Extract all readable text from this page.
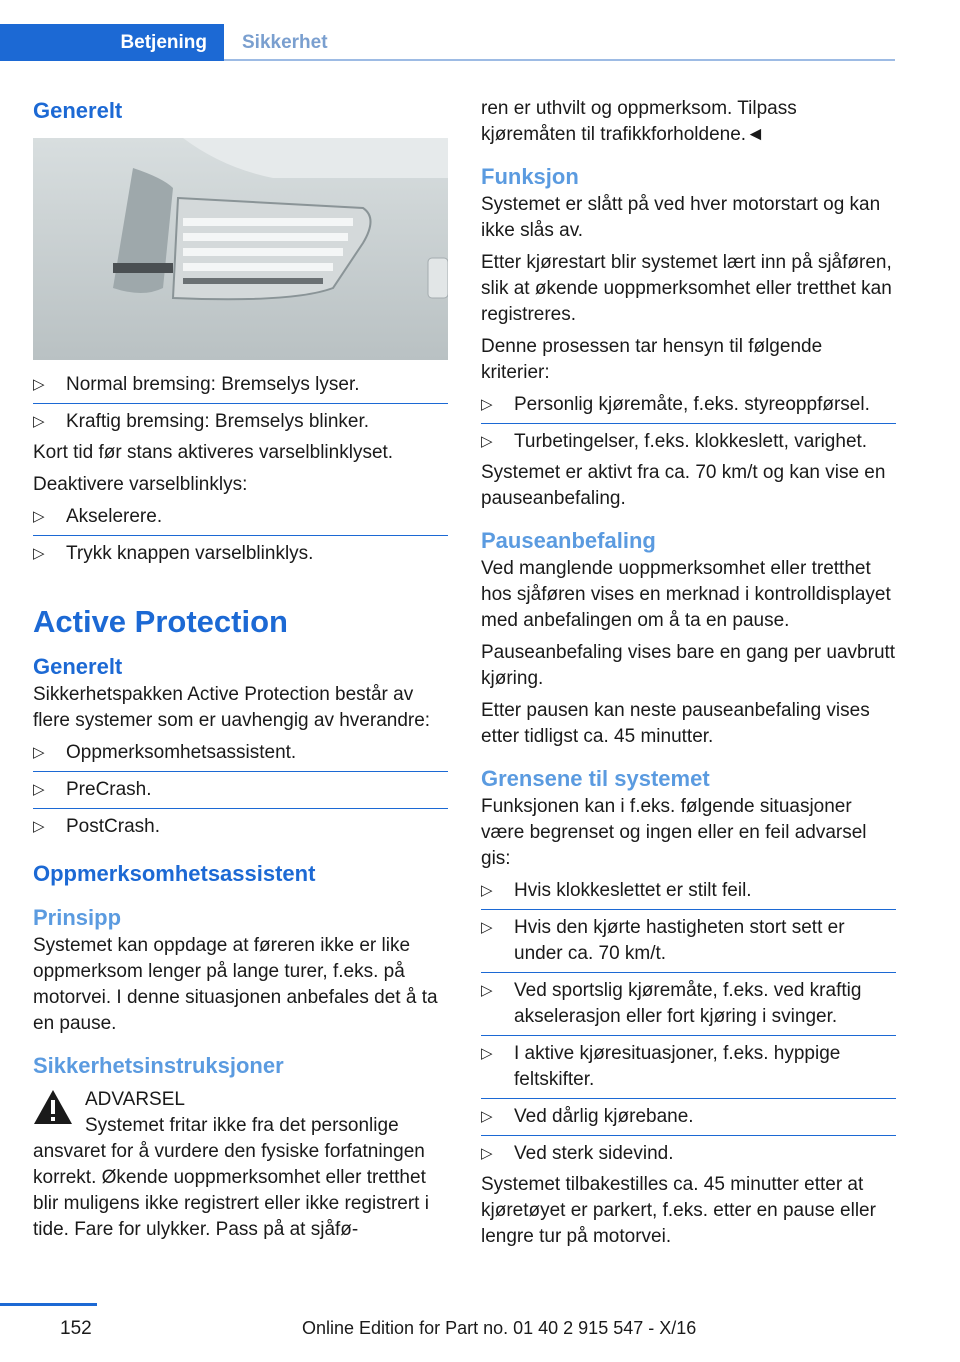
Betjening Sikkerhet
Generelt
▷ Normal bremsing: Bremselys lyser.
▷ Kraftig bremsing: Bremselys blinker.

Kort tid før stans aktiveres varselblinklyset.

Deaktivere varselblinklys:

▷ Akselerere.
▷ Trykk knappen varselblinklys.
Active Protection
Generelt

Sikkerhetspakken Active Protection består av flere systemer som er uavhengig av hverandre:

▷ Oppmerksomhetsassistent.
▷ PreCrash.
▷ PostCrash.
Oppmerksomhetsassistent
Prinsipp

Systemet kan oppdage at føreren ikke er like oppmerksom lenger på lange turer, f.eks. på motorvei. I denne situasjonen anbefales det å ta en pause.

Sikkerhetsinstruksjoner

ADVARSEL

Systemet fritar ikke fra det personlige ansvaret for å vurdere den fysiske forfatningen korrekt. Økende uoppmerksomhet eller tretthet blir muligens ikke registrert eller ikke registrert i tide. Fare for ulykker. Pass på at sjåfø-

ren er uthvilt og oppmerksom. Tilpass kjøremåten til trafikkforholdene.◄

Funksjon

Systemet er slått på ved hver motorstart og kan ikke slås av.

Etter kjørestart blir systemet lært inn på sjåføren, slik at økende uoppmerksomhet eller tretthet kan registreres.

Denne prosessen tar hensyn til følgende kriterier:

▷ Personlig kjøremåte, f.eks. styreoppførsel.
▷ Turbetingelser, f.eks. klokkeslett, varighet.

Systemet er aktivt fra ca. 70 km/t og kan vise en pauseanbefaling.

Pauseanbefaling

Ved manglende uoppmerksomhet eller tretthet hos sjåføren vises en merknad i kontrolldisplayet med anbefalingen om å ta en pause.

Pauseanbefaling vises bare en gang per uavbrutt kjøring.

Etter pausen kan neste pauseanbefaling vises etter tidligst ca. 45 minutter.

Grensene til systemet

Funksjonen kan i f.eks. følgende situasjoner være begrenset og ingen eller en feil advarsel gis:

▷ Hvis klokkeslettet er stilt feil.
▷ Hvis den kjørte hastigheten stort sett er under ca. 70 km/t.
▷ Ved sportslig kjøremåte, f.eks. ved kraftig akselerasjon eller fort kjøring i svinger.
▷ I aktive kjøresituasjoner, f.eks. hyppige feltskifter.
▷ Ved dårlig kjørebane.
▷ Ved sterk sidevind.

Systemet tilbakestilles ca. 45 minutter etter at kjøretøyet er parkert, f.eks. etter en pause eller lengre tur på motorvei.

152	Online Edition for Part no. 01 40 2 915 547 - X/16
